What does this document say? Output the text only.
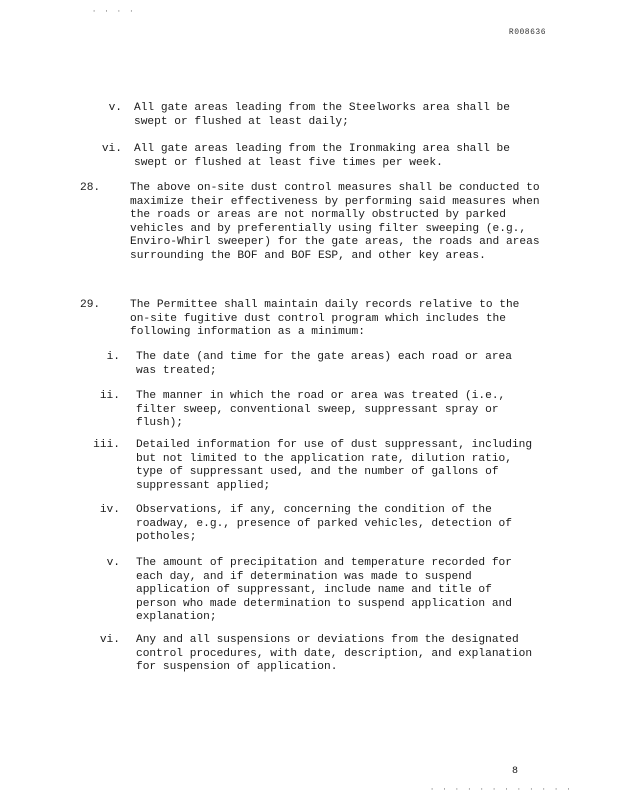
· · · ·
R008636
v. All gate areas leading from the Steelworks area shall be swept or flushed at least daily;
vi. All gate areas leading from the Ironmaking area shall be swept or flushed at least five times per week.
28.	The above on-site dust control measures shall be conducted to maximize their effectiveness by performing said measures when the roads or areas are not normally obstructed by parked vehicles and by preferentially using filter sweeping (e.g., Enviro-Whirl sweeper) for the gate areas, the roads and areas surrounding the BOF and BOF ESP, and other key areas.
29.	The Permittee shall maintain daily records relative to the on-site fugitive dust control program which includes the following information as a minimum:
i. The date (and time for the gate areas) each road or area was treated;
ii. The manner in which the road or area was treated (i.e., filter sweep, conventional sweep, suppressant spray or flush);
iii. Detailed information for use of dust suppressant, including but not limited to the application rate, dilution ratio, type of suppressant used, and the number of gallons of suppressant applied;
iv. Observations, if any, concerning the condition of the roadway, e.g., presence of parked vehicles, detection of potholes;
v. The amount of precipitation and temperature recorded for each day, and if determination was made to suspend application of suppressant, include name and title of person who made determination to suspend application and explanation;
vi. Any and all suspensions or deviations from the designated control procedures, with date, description, and explanation for suspension of application.
8
· · · · · · · · · · · ·
